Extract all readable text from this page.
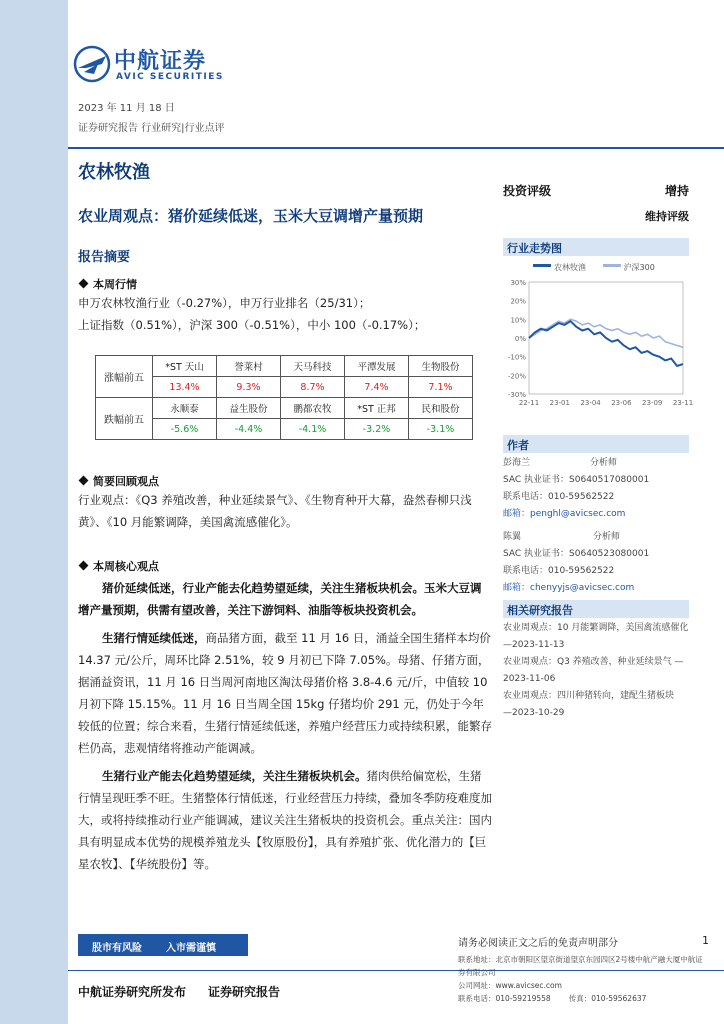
中航证券
AVIC SECURITIES
2023 年 11 月 18 日
证券研究报告 行业研究|行业点评
农林牧渔
投资评级	增持
维持评级
农业周观点：猪价延续低迷，玉米大豆调增产量预期
报告摘要
本周行情
申万农林牧渔行业（-0.27%），申万行业排名（25/31）；
上证指数（0.51%），沪深 300（-0.51%），中小 100（-0.17%）；
涨幅前五	*ST 天山	誉莱村	天马科技	平潭发展	生物股份
	13.4%	9.3%	8.7%	7.4%	7.1%
跌幅前五	永顺泰	益生股份	鹏都农牧	*ST 正邦	民和股份
	-5.6%	-4.4%	-4.1%	-3.2%	-3.1%
简要回顾观点
行业观点：《Q3 养殖改善，种业延续景气》、《生物育种开大幕，盎然春柳只浅黄》、《10 月能繁调降，美国禽流感催化》。
本周核心观点

猪价延续低迷，行业产能去化趋势望延续，关注生猪板块机会。玉米大豆调增产量预期，供需有望改善，关注下游饲料、油脂等板块投资机会。

生猪行情延续低迷，商品猪方面，截至 11 月 16 日，涌益全国生猪样本均价 14.37 元/公斤，周环比降 2.51%，较 9 月初已下降 7.05%。母猪、仔猪方面，据涌益资讯，11 月 16 日当周河南地区淘汰母猪价格 3.8-4.6 元/斤，中值较 10 月初下降 15.15%。11 月 16 日当周全国 15kg 仔猪均价 291 元，仍处于今年较低的位置；综合来看，生猪行情延续低迷，养殖户经营压力或持续积累，能繁存栏仍高，悲观情绪将推动产能调减。

生猪行业产能去化趋势望延续，关注生猪板块机会。猪肉供给偏宽松，生猪行情呈现旺季不旺。生猪整体行情低迷，行业经营压力持续，叠加冬季防疫难度加大，或将持续推动行业产能调减，建议关注生猪板块的投资机会。重点关注：国内具有明显成本优势的规模养殖龙头【牧原股份】，具有养殖扩张、优化潜力的【巨星农牧】、【华统股份】等。

行业走势图
农林牧渔	沪深300
30%
20%
10%
0%
-10%
-20%
-30%
22-11 23-01 23-04 23-06 23-09 23-11
作者
彭海兰	分析师
SAC 执业证书：S0640517080001
联系电话：010-59562522
邮箱：penghl@avicsec.com
陈翼	分析师
SAC 执业证书：S0640523080001
联系电话：010-59562522
邮箱：chenyyjs@avicsec.com
相关研究报告
农业周观点：10 月能繁调降，美国禽流感催化
—2023-11-13
农业周观点：Q3 养殖改善，种业延续景气 —
2023-11-06
农业周观点：四川种猪转向，建配生猪板块
—2023-10-29
股市有风险 入市需谨慎	请务必阅读正文之后的免责声明部分	1
中航证券研究所发布 证券研究报告
联系地址：北京市朝阳区望京街道望京东园四区2号楼中航产融大厦中航证券有限公司
公司网址：www.avicsec.com
联系电话：010-59219558 传真：010-59562637
